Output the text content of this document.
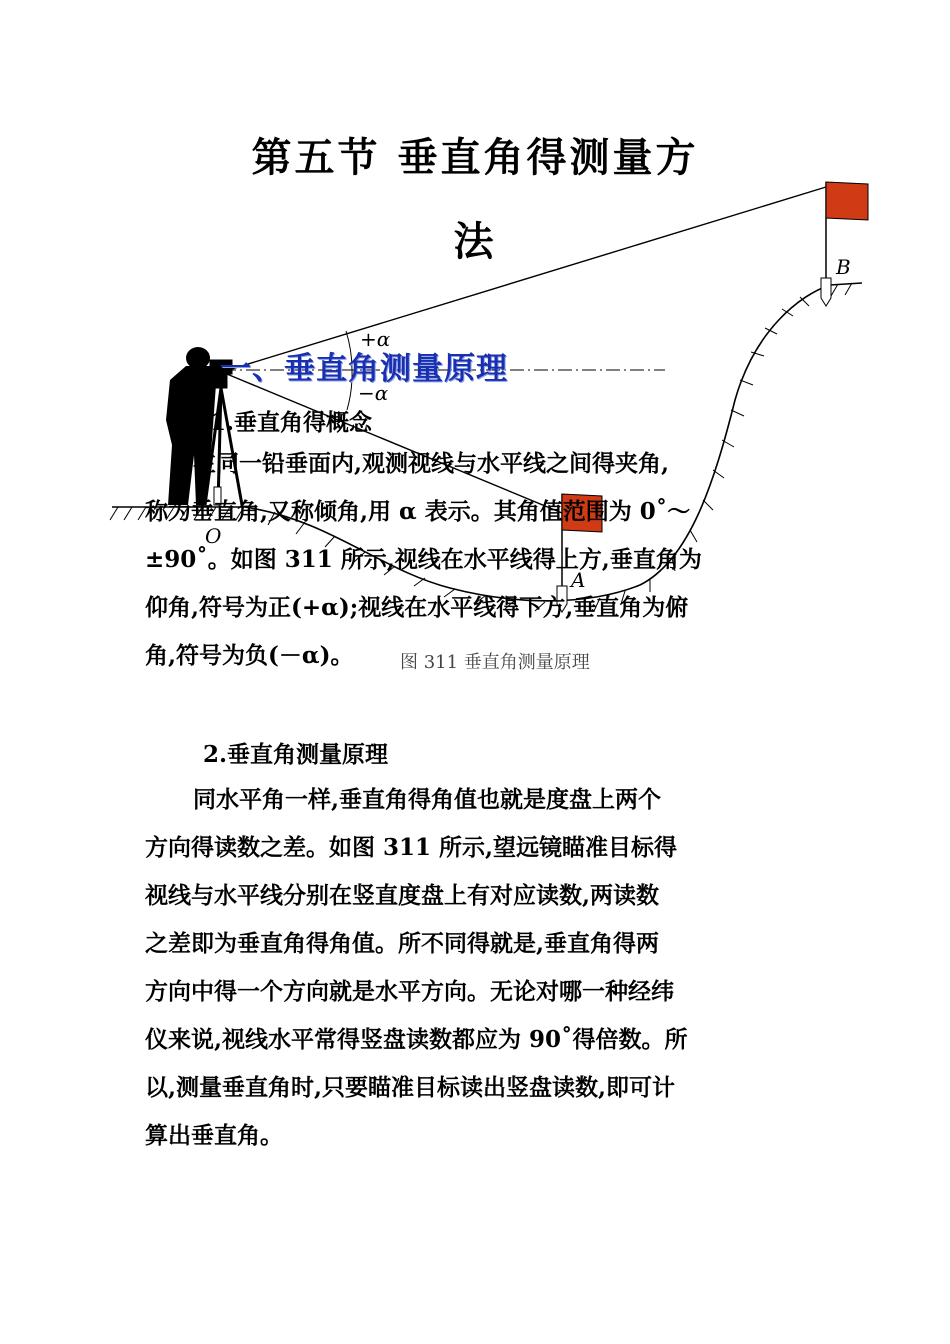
第五节 垂直角得测量方
法
+α
−α
O
A
B
一、垂直角测量原理
1.垂直角得概念

在同一铅垂面内,观测视线与水平线之间得夹角,

称为垂直角,又称倾角,用 α 表示。其角值范围为 0˚～

±90˚。如图 311 所示,视线在水平线得上方,垂直角为

仰角,符号为正(+α);视线在水平线得下方,垂直角为俯

角,符号为负(－α)。	图 311 垂直角测量原理
2.垂直角测量原理

同水平角一样,垂直角得角值也就是度盘上两个

方向得读数之差。如图 311 所示,望远镜瞄准目标得

视线与水平线分别在竖直度盘上有对应读数,两读数

之差即为垂直角得角值。所不同得就是,垂直角得两

方向中得一个方向就是水平方向。无论对哪一种经纬

仪来说,视线水平常得竖盘读数都应为 90˚得倍数。所

以,测量垂直角时,只要瞄准目标读出竖盘读数,即可计

算出垂直角。
